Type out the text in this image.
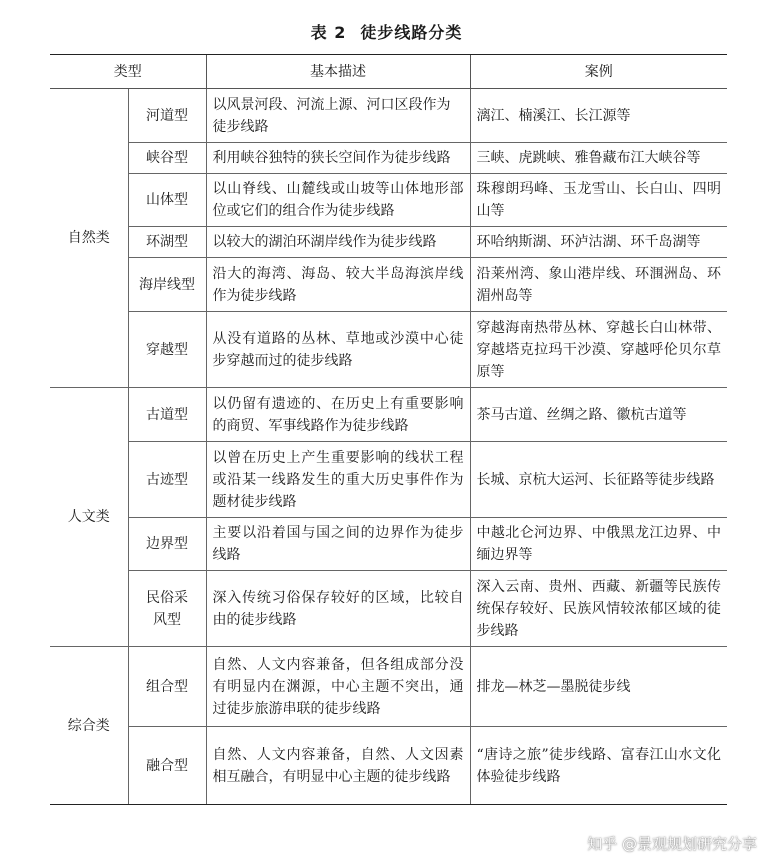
表 2 徒步线路分类
类型		基本描述	案例
自然类	河道型	以风景河段、河流上源、河口区段作为徒步线路	漓江、楠溪江、长江源等
	峡谷型	利用峡谷独特的狭长空间作为徒步线路	三峡、虎跳峡、雅鲁藏布江大峡谷等
	山体型	以山脊线、山麓线或山坡等山体地形部位或它们的组合作为徒步线路	珠穆朗玛峰、玉龙雪山、长白山、四明山等
	环湖型	以较大的湖泊环湖岸线作为徒步线路	环哈纳斯湖、环泸沽湖、环千岛湖等
	海岸线型	沿大的海湾、海岛、较大半岛海滨岸线作为徒步线路	沿莱州湾、象山港岸线、环涠洲岛、环湄州岛等
	穿越型	从没有道路的丛林、草地或沙漠中心徒步穿越而过的徒步线路	穿越海南热带丛林、穿越长白山林带、穿越塔克拉玛干沙漠、穿越呼伦贝尔草原等
人文类	古道型	以仍留有遗迹的、在历史上有重要影响的商贸、军事线路作为徒步线路	茶马古道、丝绸之路、徽杭古道等
	古迹型	以曾在历史上产生重要影响的线状工程或沿某一线路发生的重大历史事件作为题材徒步线路	长城、京杭大运河、长征路等徒步线路
	边界型	主要以沿着国与国之间的边界作为徒步线路	中越北仑河边界、中俄黑龙江边界、中缅边界等
	民俗采风型	深入传统习俗保存较好的区域，比较自由的徒步线路	深入云南、贵州、西藏、新疆等民族传统保存较好、民族风情较浓郁区域的徒步线路
综合类	组合型	自然、人文内容兼备，但各组成部分没有明显内在渊源，中心主题不突出，通过徒步旅游串联的徒步线路	排龙—林芝—墨脱徒步线
	融合型	自然、人文内容兼备，自然、人文因素相互融合，有明显中心主题的徒步线路	“唐诗之旅”徒步线路、富春江山水文化体验徒步线路
知乎 @景观规划研究分享
